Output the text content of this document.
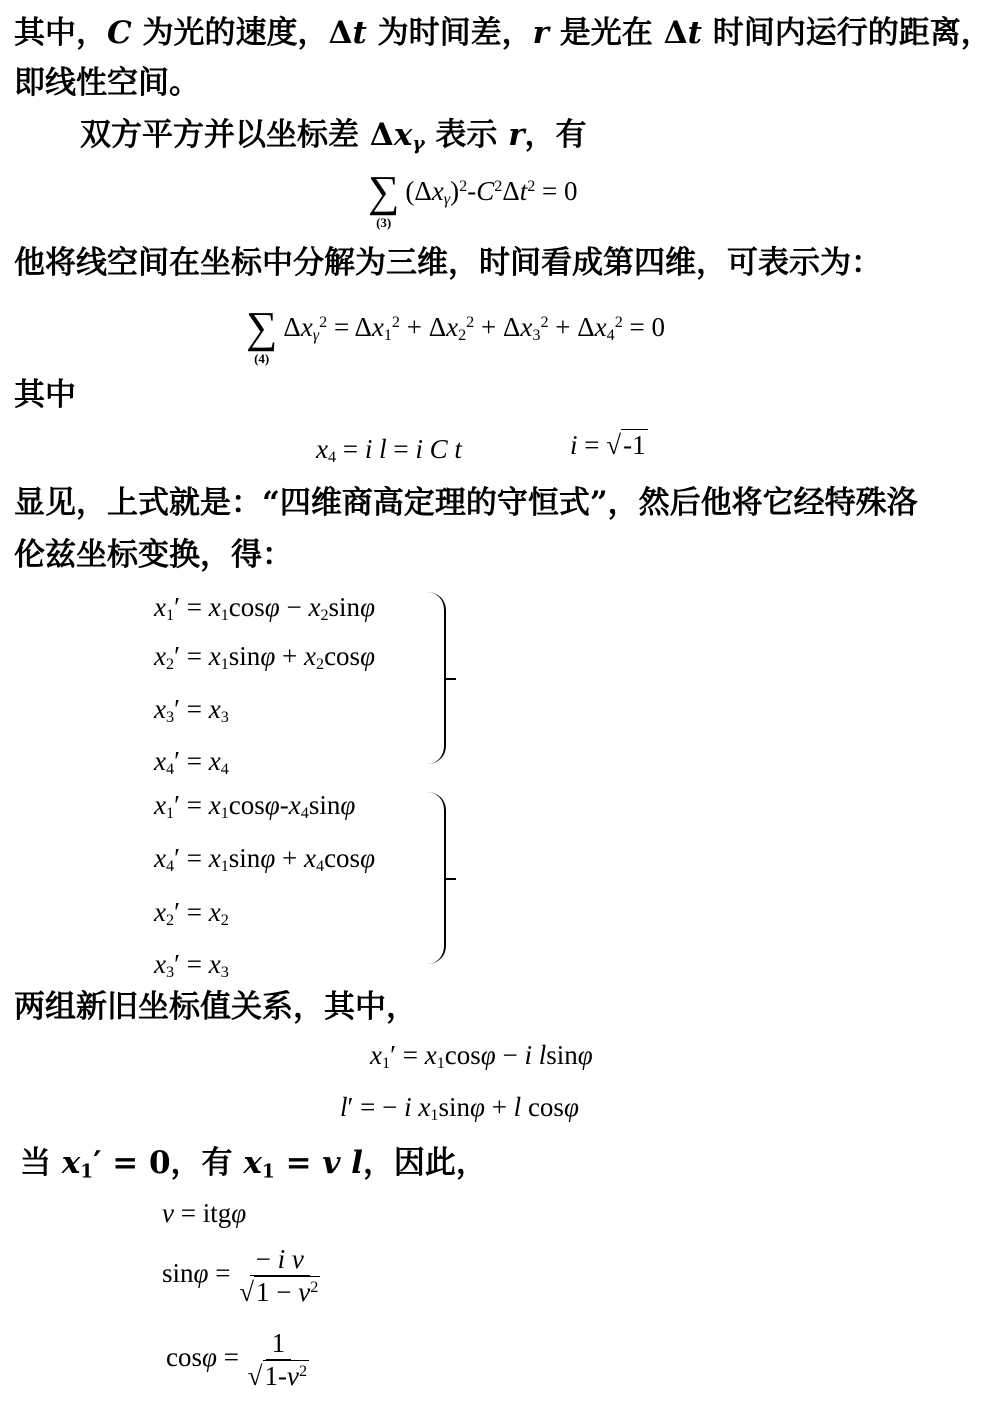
其中，C 为光的速度，Δt 为时间差，r 是光在 Δt 时间内运行的距离，
即线性空间。
双方平方并以坐标差 $\Delta x_\gamma$ 表示 r，有
∑
(3)
$(\Delta x_\gamma)^2-C^2\Delta t^2 = 0$
他将线空间在坐标中分解为三维，时间看成第四维，可表示为：
∑
(4)
$\Delta x_\gamma^2 = \Delta x_1^2 + \Delta x_2^2 + \Delta x_3^2 + \Delta x_4^2 = 0$
其中
$x_4 = i$ l = i C t	i = √-1
显见，上式就是：“四维商高定理的守恒式”，然后他将它经特殊洛
伦兹坐标变换，得：
$x_1' = x_1\cos\varphi - x_2\sin\varphi$
$x_2' = x_1\sin\varphi + x_2\cos\varphi$
$x_3' = x_3$
$x_4' = x_4$
$x_1' = x_1\cos\varphi-x_4\sin\varphi$
$x_4' = x_1\sin\varphi + x_4\cos\varphi$
$x_2' = x_2$
$x_3' = x_3$
两组新旧坐标值关系，其中，
$x_1' = x_1\cos\varphi - i$ lsinφ
l′ = − i $x_1\sin\varphi + l$ cosφ
当 $x_1' = 0$，有 $x_1 = v$ l，因此，
v = itgφ
$\sin\varphi = \frac{\text{− i v}}{√1 - v^2}$
$\cos\varphi = \frac{1}{√1-v^2}$
